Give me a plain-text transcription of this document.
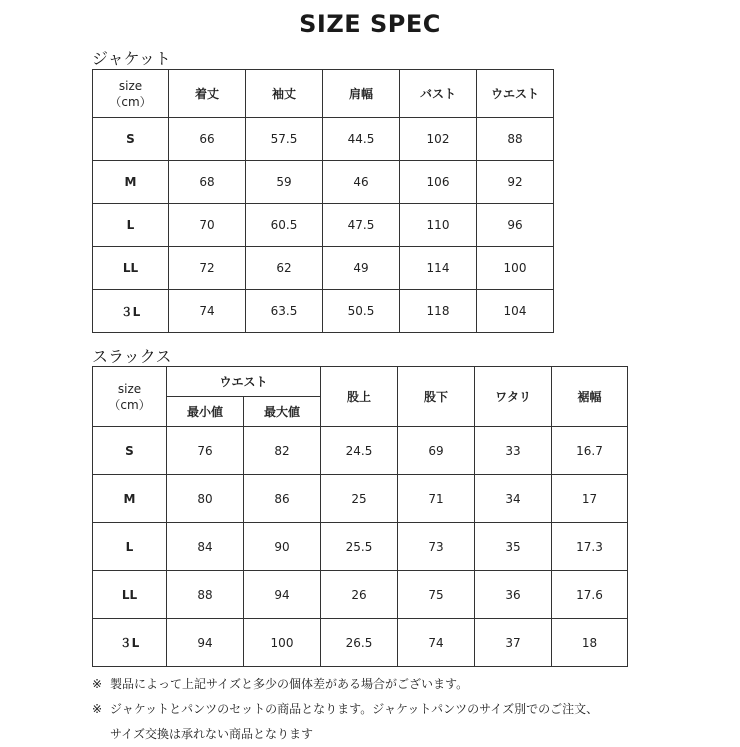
SIZE SPEC
ジャケット
size
（cm）	着丈	袖丈	肩幅	バスト	ウエスト
S	66	57.5	44.5	102	88
M	68	59	46	106	92
L	70	60.5	47.5	110	96
LL	72	62	49	114	100
３L	74	63.5	50.5	118	104
スラックス
size
（cm）	ウエスト		股上	股下	ワタリ	裾幅
	最小値	最大値				
S	76	82	24.5	69	33	16.7
M	80	86	25	71	34	17
L	84	90	25.5	73	35	17.3
LL	88	94	26	75	36	17.6
３L	94	100	26.5	74	37	18
※ 製品によって上記サイズと多少の個体差がある場合がございます。
※ ジャケットとパンツのセットの商品となります。ジャケットパンツのサイズ別でのご注文、
サイズ交換は承れない商品となります
